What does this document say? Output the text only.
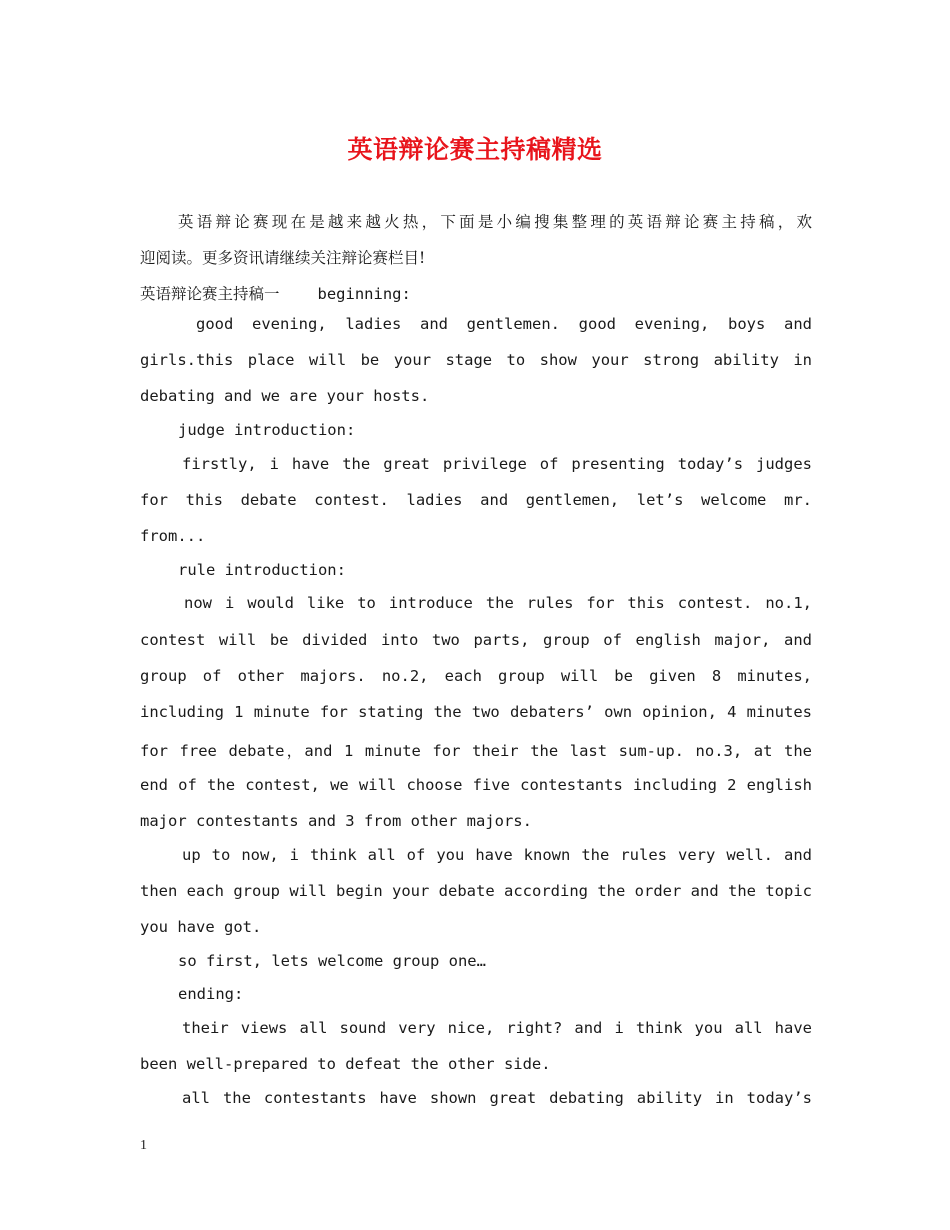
英语辩论赛主持稿精选
英语辩论赛现在是越来越火热，下面是小编搜集整理的英语辩论赛主持稿，欢
迎阅读。更多资讯请继续关注辩论赛栏目!
英语辩论赛主持稿一 beginning:
good evening, ladies and gentlemen. good evening, boys and
girls.this place will be your stage to show your strong ability in
debating and we are your hosts.
judge introduction:
firstly, i have the great privilege of presenting today’s judges
for this debate contest. ladies and gentlemen, let’s welcome mr.
from...
rule introduction:
now i would like to introduce the rules for this contest. no.1,
contest will be divided into two parts, group of english major, and
group of other majors. no.2, each group will be given 8 minutes,
including 1 minute for stating the two debaters’ own opinion, 4 minutes
for free debate，and 1 minute for their the last sum-up. no.3, at the
end of the contest, we will choose five contestants including 2 english
major contestants and 3 from other majors.
up to now, i think all of you have known the rules very well. and
then each group will begin your debate according the order and the topic
you have got.
so first, lets welcome group one…
ending:
their views all sound very nice, right? and i think you all have
been well-prepared to defeat the other side.
all the contestants have shown great debating ability in today’s
1
